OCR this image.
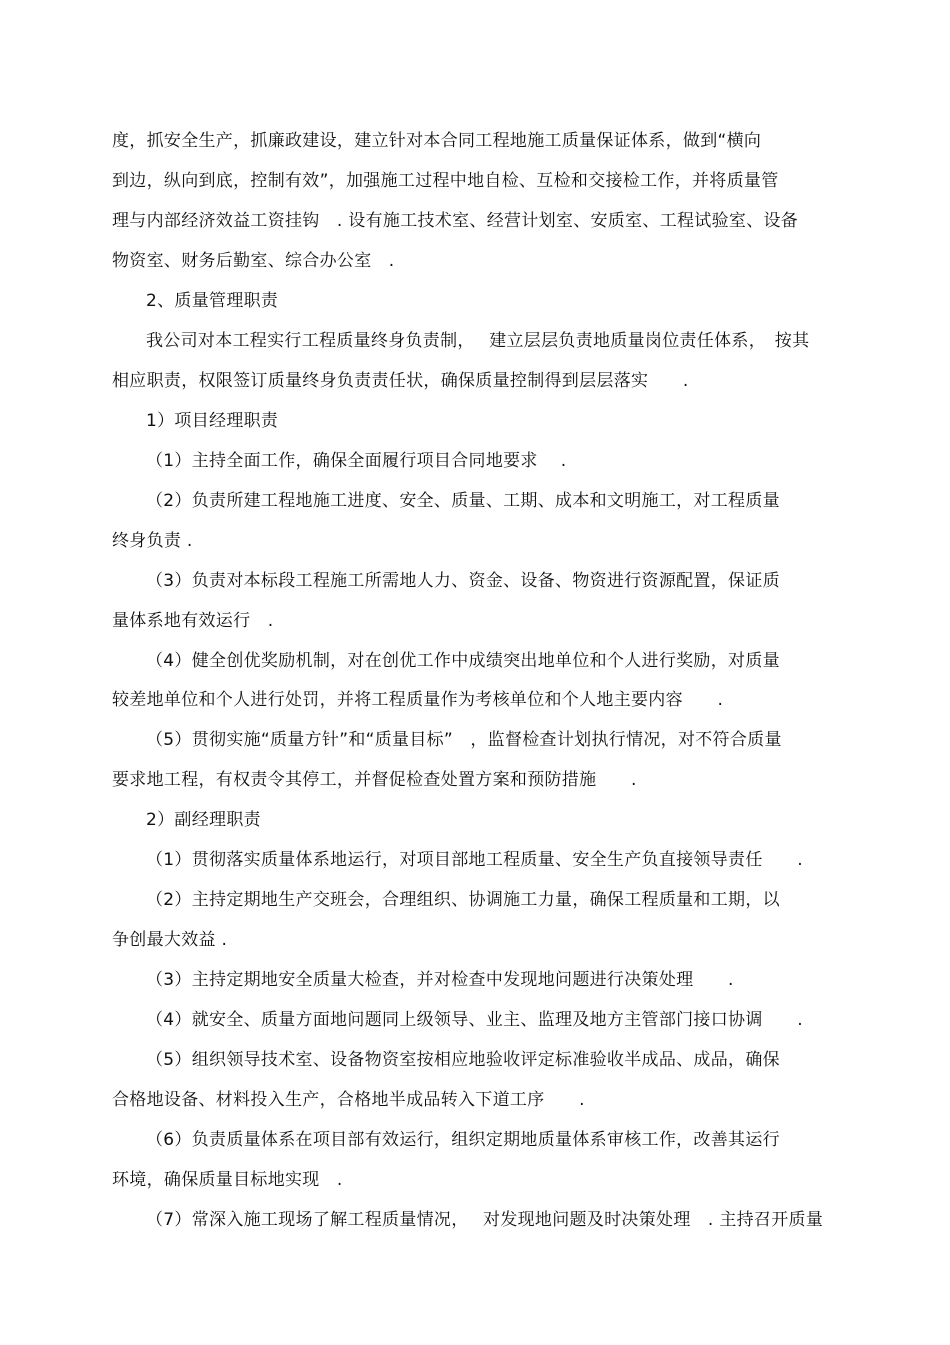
度，抓安全生产，抓廉政建设，建立针对本合同工程地施工质量保证体系，做到“横向
到边，纵向到底，控制有效”，加强施工过程中地自检、互检和交接检工作，并将质量管
理与内部经济效益工资挂钩　. 设有施工技术室、经营计划室、安质室、工程试验室、设备
物资室、财务后勤室、综合办公室　.
2、质量管理职责
我公司对本工程实行工程质量终身负责制，　 建立层层负责地质量岗位责任体系，　按其
相应职责，权限签订质量终身负责责任状，确保质量控制得到层层落实　　.
1）项目经理职责
（1）主持全面工作，确保全面履行项目合同地要求　 .
（2）负责所建工程地施工进度、安全、质量、工期、成本和文明施工，对工程质量
终身负责 .
（3）负责对本标段工程施工所需地人力、资金、设备、物资进行资源配置，保证质
量体系地有效运行　.
（4）健全创优奖励机制，对在创优工作中成绩突出地单位和个人进行奖励，对质量
较差地单位和个人进行处罚，并将工程质量作为考核单位和个人地主要内容　　.
（5）贯彻实施“质量方针”和“质量目标”　，监督检查计划执行情况，对不符合质量
要求地工程，有权责令其停工，并督促检查处置方案和预防措施　　.
2）副经理职责
（1）贯彻落实质量体系地运行，对项目部地工程质量、安全生产负直接领导责任　　.
（2）主持定期地生产交班会，合理组织、协调施工力量，确保工程质量和工期，以
争创最大效益 .
（3）主持定期地安全质量大检查，并对检查中发现地问题进行决策处理　　.
（4）就安全、质量方面地问题同上级领导、业主、监理及地方主管部门接口协调　　.
（5）组织领导技术室、设备物资室按相应地验收评定标准验收半成品、成品，确保
合格地设备、材料投入生产，合格地半成品转入下道工序　　.
（6）负责质量体系在项目部有效运行，组织定期地质量体系审核工作，改善其运行
环境，确保质量目标地实现　.
（7）常深入施工现场了解工程质量情况，　 对发现地问题及时决策处理　. 主持召开质量
